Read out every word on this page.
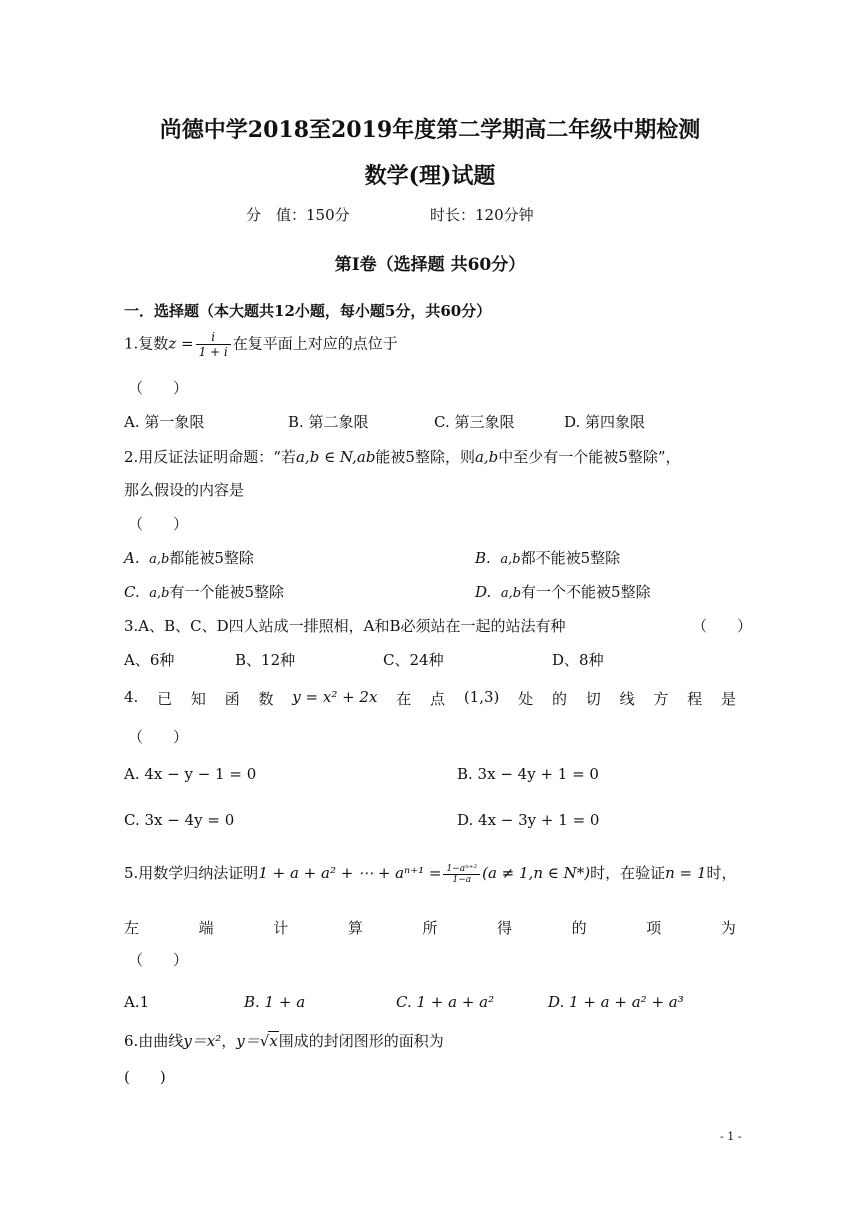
尚德中学2018至2019年度第二学期高二年级中期检测
数学(理)试题
分　值：150分	时长：120分钟
第Ⅰ卷（选择题 共60分）
一．选择题（本大题共12小题，每小题5分，共60分）
1.复数$z = \frac{i}{1 + i}$ 在复平面上对应的点位于
（　　）
A. 第一象限	B. 第二象限	C. 第三象限	D. 第四象限
2.用反证法证明命题：“若a,b ∈ N,ab能被5整除，则a,b中至少有一个能被5整除”，
那么假设的内容是
（　　）
A. a,b都能被5整除	B. a,b都不能被5整除
C. a,b有一个能被5整除	D. a,b有一个不能被5整除
3.A、B、C、D四人站成一排照相，A和B必须站在一起的站法有种	（　　）
A、6种	B、12种	C、24种	D、8种
4. 已 知 函 数 y = x² + 2x 在 点 (1,3) 处 的 切 线 方 程 是
（　　）
A. 4x − y − 1 = 0	B. 3x − 4y + 1 = 0
C. 3x − 4y = 0	D. 4x − 3y + 1 = 0
5.用数学归纳法证明1 + a + a² + ⋯ + $a^{n+1} = \frac{\text{1−aⁿ⁺²}}{1-a} (a \ne 1,n$ ∈ N*)时，在验证n = 1时，
左	端	计	算	所	得	的	项	为
（　　）
A.1	B. 1 + a	C. 1 + a + a²	D. 1 + a + a² + a³
6.由曲线y＝x²，y＝√x围成的封闭图形的面积为
(　　)
- 1 -
